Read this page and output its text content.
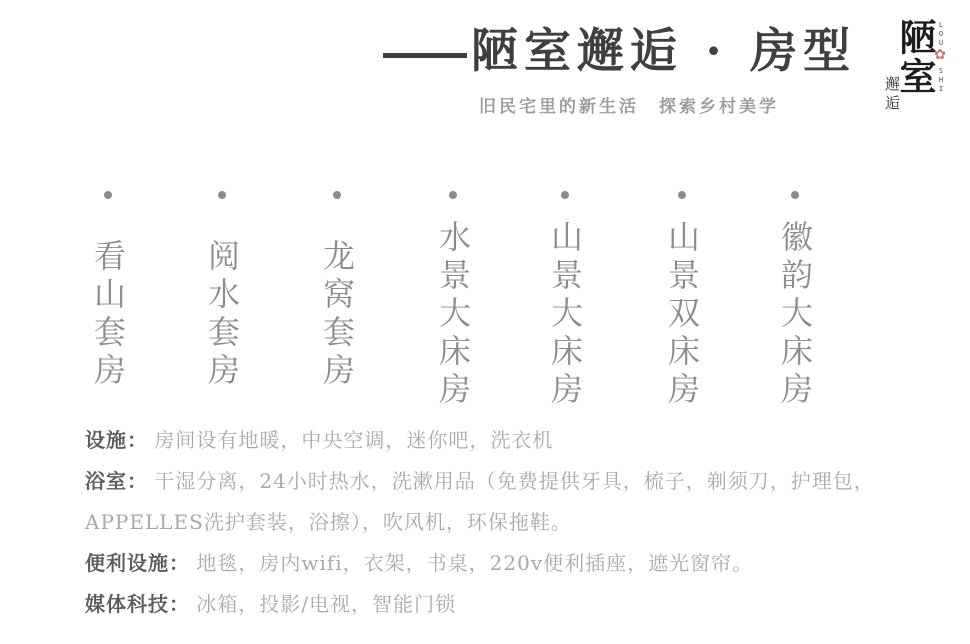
陋室邂逅 · 房型
旧民宅里的新生活　探索乡村美学
陋室 LOU
✿
SHI
邂逅
看山套房 阅水套房 龙窝套房 水景大床房 山景大床房 山景双床房 徽韵大床房
设施： 房间设有地暖，中央空调，迷你吧，洗衣机
浴室： 干湿分离，24小时热水，洗漱用品（免费提供牙具，梳子，剃须刀，护理包，
APPELLES洗护套装，浴擦），吹风机，环保拖鞋。
便利设施： 地毯，房内wifi，衣架，书桌，220v便利插座，遮光窗帘。
媒体科技： 冰箱，投影/电视，智能门锁
